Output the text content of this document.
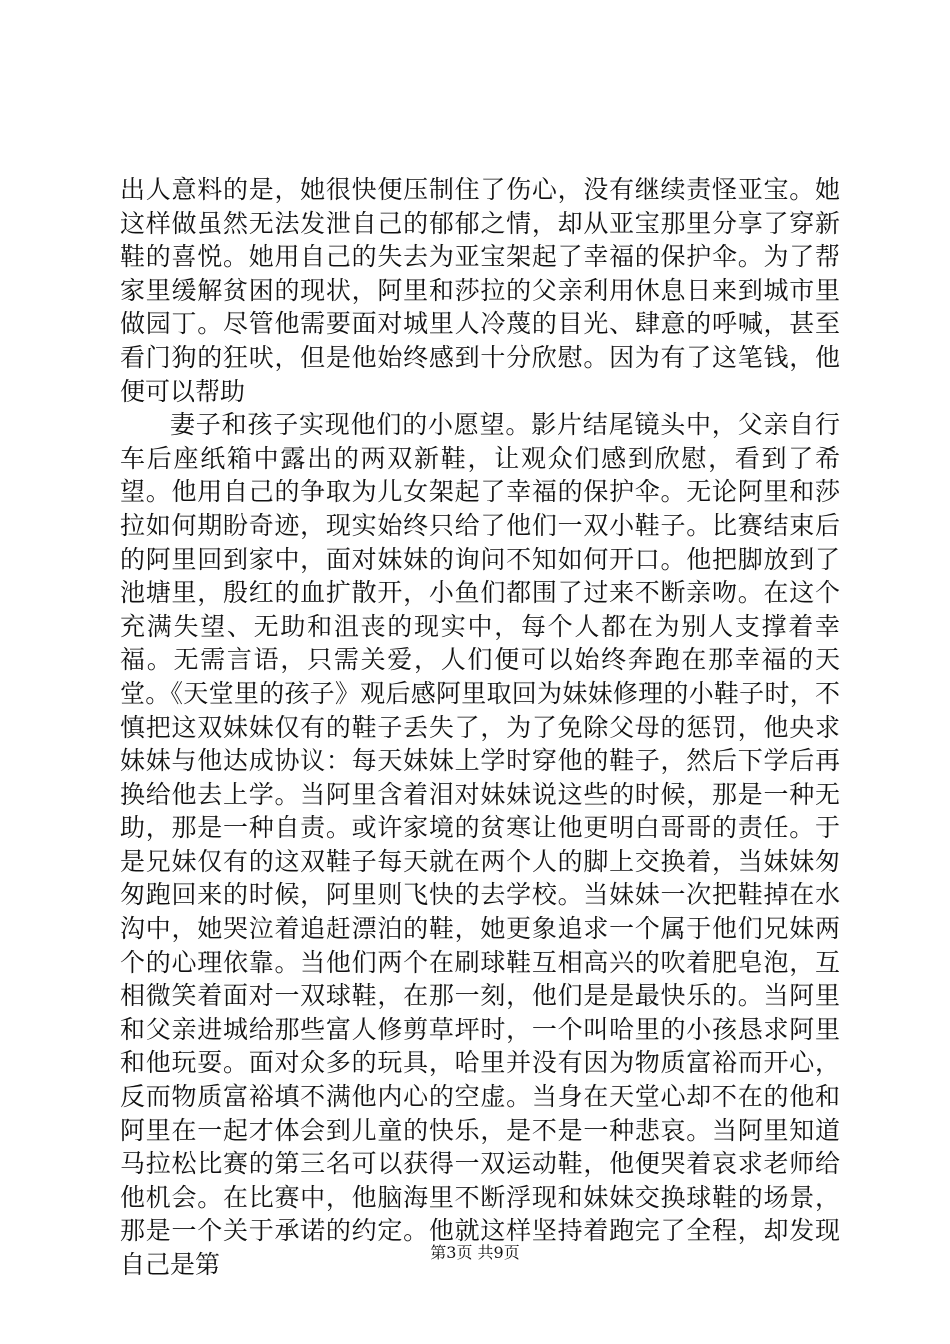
出人意料的是，她很快便压制住了伤心，没有继续责怪亚宝。她这样做虽然无法发泄自己的郁郁之情，却从亚宝那里分享了穿新鞋的喜悦。她用自己的失去为亚宝架起了幸福的保护伞。为了帮家里缓解贫困的现状，阿里和莎拉的父亲利用休息日来到城市里做园丁。尽管他需要面对城里人冷蔑的目光、肆意的呼喊，甚至看门狗的狂吠，但是他始终感到十分欣慰。因为有了这笔钱，他便可以帮助

妻子和孩子实现他们的小愿望。影片结尾镜头中，父亲自行车后座纸箱中露出的两双新鞋，让观众们感到欣慰，看到了希望。他用自己的争取为儿女架起了幸福的保护伞。无论阿里和莎拉如何期盼奇迹，现实始终只给了他们一双小鞋子。比赛结束后的阿里回到家中，面对妹妹的询问不知如何开口。他把脚放到了池塘里，殷红的血扩散开，小鱼们都围了过来不断亲吻。在这个充满失望、无助和沮丧的现实中，每个人都在为别人支撑着幸福。无需言语，只需关爱，人们便可以始终奔跑在那幸福的天堂。《天堂里的孩子》观后感阿里取回为妹妹修理的小鞋子时，不慎把这双妹妹仅有的鞋子丢失了，为了免除父母的惩罚，他央求妹妹与他达成协议：每天妹妹上学时穿他的鞋子，然后下学后再换给他去上学。当阿里含着泪对妹妹说这些的时候，那是一种无助，那是一种自责。或许家境的贫寒让他更明白哥哥的责任。于是兄妹仅有的这双鞋子每天就在两个人的脚上交换着，当妹妹匆匆跑回来的时候，阿里则飞快的去学校。当妹妹一次把鞋掉在水沟中，她哭泣着追赶漂泊的鞋，她更象追求一个属于他们兄妹两个的心理依靠。当他们两个在刷球鞋互相高兴的吹着肥皂泡，互相微笑着面对一双球鞋，在那一刻，他们是是最快乐的。当阿里和父亲进城给那些富人修剪草坪时，一个叫哈里的小孩恳求阿里和他玩耍。面对众多的玩具，哈里并没有因为物质富裕而开心，反而物质富裕填不满他内心的空虚。当身在天堂心却不在的他和阿里在一起才体会到儿童的快乐，是不是一种悲哀。当阿里知道马拉松比赛的第三名可以获得一双运动鞋，他便哭着哀求老师给他机会。在比赛中，他脑海里不断浮现和妹妹交换球鞋的场景，那是一个关于承诺的约定。他就这样坚持着跑完了全程，却发现自己是第	第3页 共9页
